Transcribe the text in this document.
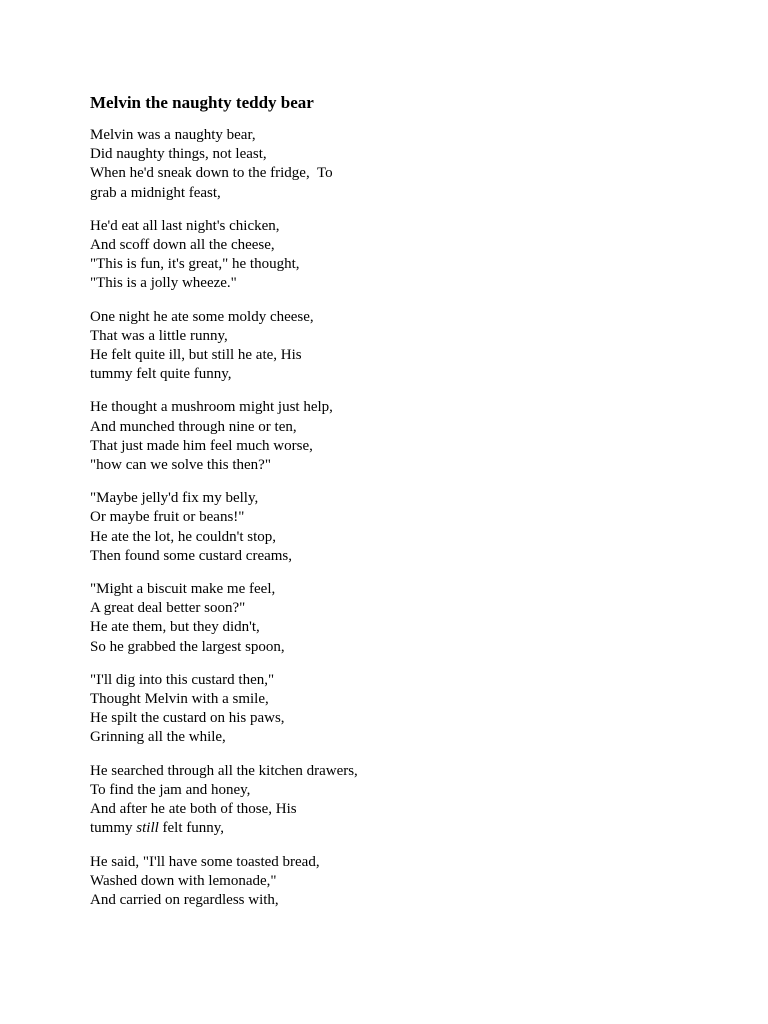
Melvin the naughty teddy bear
Melvin was a naughty bear,
Did naughty things, not least,
When he'd sneak down to the fridge,  To
grab a midnight feast,
He'd eat all last night's chicken,
And scoff down all the cheese,
"This is fun, it's great," he thought,
"This is a jolly wheeze."
One night he ate some moldy cheese,
That was a little runny,
He felt quite ill, but still he ate, His
tummy felt quite funny,
He thought a mushroom might just help,
And munched through nine or ten,
That just made him feel much worse,
"how can we solve this then?"
"Maybe jelly'd fix my belly,
Or maybe fruit or beans!"
He ate the lot, he couldn't stop,
Then found some custard creams,
"Might a biscuit make me feel,
A great deal better soon?"
He ate them, but they didn't,
So he grabbed the largest spoon,
"I'll dig into this custard then,"
Thought Melvin with a smile,
He spilt the custard on his paws,
Grinning all the while,
He searched through all the kitchen drawers,
To find the jam and honey,
And after he ate both of those, His
tummy still felt funny,
He said, "I'll have some toasted bread,
Washed down with lemonade,"
And carried on regardless with,
